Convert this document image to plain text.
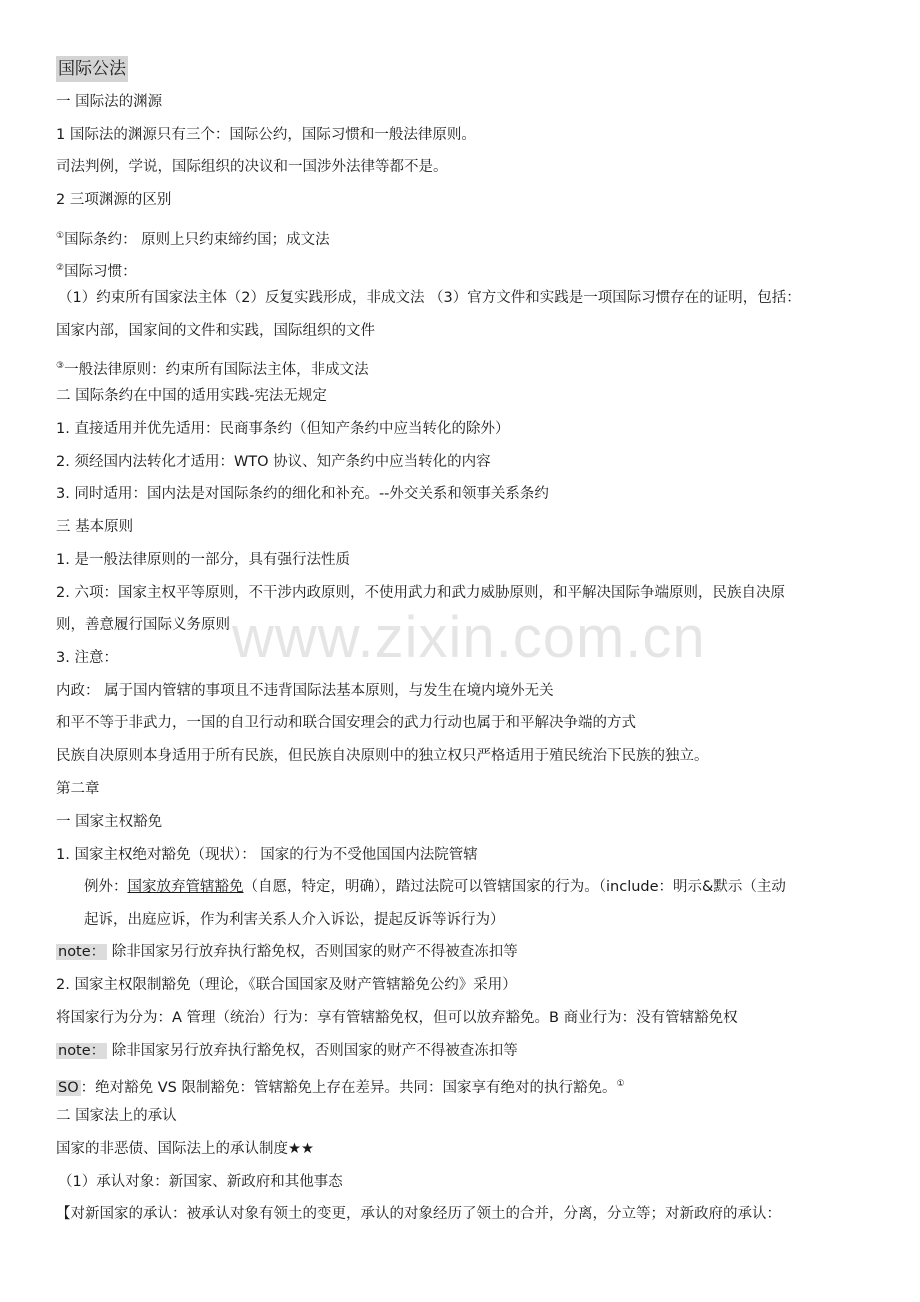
国际公法

一 国际法的渊源

1 国际法的渊源只有三个：国际公约，国际习惯和一般法律原则。

司法判例，学说，国际组织的决议和一国涉外法律等都不是。

2 三项渊源的区别

①国际条约： 原则上只约束缔约国；成文法

②国际习惯：

（1）约束所有国家法主体（2）反复实践形成，非成文法 （3）官方文件和实践是一项国际习惯存在的证明，包括：

国家内部，国家间的文件和实践，国际组织的文件

③一般法律原则：约束所有国际法主体，非成文法

二 国际条约在中国的适用实践-宪法无规定

1. 直接适用并优先适用：民商事条约（但知产条约中应当转化的除外）

2. 须经国内法转化才适用：WTO 协议、知产条约中应当转化的内容

3. 同时适用：国内法是对国际条约的细化和补充。--外交关系和领事关系条约

三 基本原则

1. 是一般法律原则的一部分，具有强行法性质

2. 六项：国家主权平等原则，不干涉内政原则，不使用武力和武力威胁原则，和平解决国际争端原则，民族自决原

则，善意履行国际义务原则

3. 注意：

内政： 属于国内管辖的事项且不违背国际法基本原则，与发生在境内境外无关

和平不等于非武力，一国的自卫行动和联合国安理会的武力行动也属于和平解决争端的方式

民族自决原则本身适用于所有民族，但民族自决原则中的独立权只严格适用于殖民统治下民族的独立。

第二章

一 国家主权豁免

1. 国家主权绝对豁免（现状）： 国家的行为不受他国国内法院管辖

例外：国家放弃管辖豁免（自愿，特定，明确），踏过法院可以管辖国家的行为。（include：明示&默示（主动

起诉，出庭应诉，作为利害关系人介入诉讼，提起反诉等诉行为）

note： 除非国家另行放弃执行豁免权，否则国家的财产不得被查冻扣等

2. 国家主权限制豁免（理论，《联合国国家及财产管辖豁免公约》采用）

将国家行为分为：A 管理（统治）行为：享有管辖豁免权，但可以放弃豁免。B 商业行为：没有管辖豁免权

note： 除非国家另行放弃执行豁免权，否则国家的财产不得被查冻扣等

SO ：绝对豁免 VS 限制豁免：管辖豁免上存在差异。共同：国家享有绝对的执行豁免。①

二 国家法上的承认

国家的非恶债、国际法上的承认制度★★

（1）承认对象：新国家、新政府和其他事态

【对新国家的承认：被承认对象有领土的变更，承认的对象经历了领土的合并，分离，分立等；对新政府的承认：

www.zixin.com.cn
